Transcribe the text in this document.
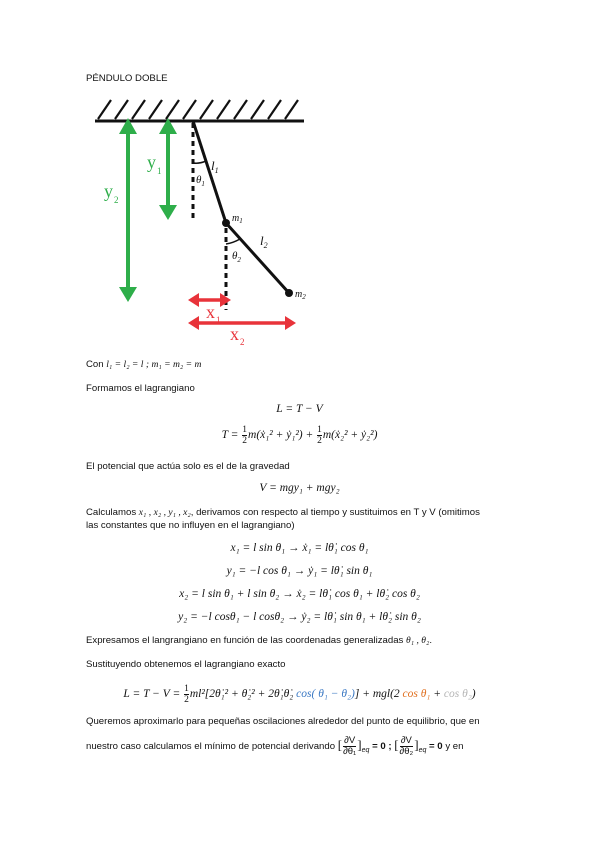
PÉNDULO DOBLE
$y_2$
$y_1$
$x_1$
$x_2$
$l_1$
$l_2$
$\theta_1$
$\theta_2$
$m_1$
$m_2$
Con l₁ = l₂ = l ; m₁ = m₂ = m
Formamos el lagrangiano
L = T − V
$T = \frac{1}{2}$ m(ẋ₁² + ẏ₁²) + $\frac{1}{2}$ m(ẋ₂² + ẏ₂²)
El potencial que actúa solo es el de la gravedad
V = mgy₁ + mgy₂
Calculamos x₁ , x₂ , y₁ , x₂, derivamos con respecto al tiempo y sustituimos en T y V (omitimos
las constantes que no influyen en el lagrangiano)
x₁ = l sin θ₁ → ẋ₁ = lθ̇₁ cos θ₁
y₁ = −l cos θ₁ → ẏ₁ = lθ̇₁ sin θ₁
x₂ = l sin θ₁ + l sin θ₂ → ẋ₂ = lθ̇₁ cos θ₁ + lθ̇₂ cos θ₂
y₂ = −l cosθ₁ − l cosθ₂ → ẏ₂ = lθ̇₁ sin θ₁ + lθ̇₂ sin θ₂
Expresamos el langrangiano en función de las coordenadas generalizadas θ₁ , θ₂.
Sustituyendo obtenemos el lagrangiano exacto
$L = T - V = \frac{1}{2}$ ml²[2θ̇₁² + θ̇₂² + 2θ̇₁θ̇₂ cos( θ₁ − θ₂)] + mgl(2 cos θ₁ + cos θ₂)
Queremos aproximarlo para pequeñas oscilaciones alrededor del punto de equilibrio, que en
nuestro caso calculamos el mínimo de potencial derivando [ $\frac{\partial V}{\text{∂θ₁}} ]_{eq} = 0$ ; [ $\frac{\partial V}{\text{∂θ₂}} ]_{eq} = 0$ y en
